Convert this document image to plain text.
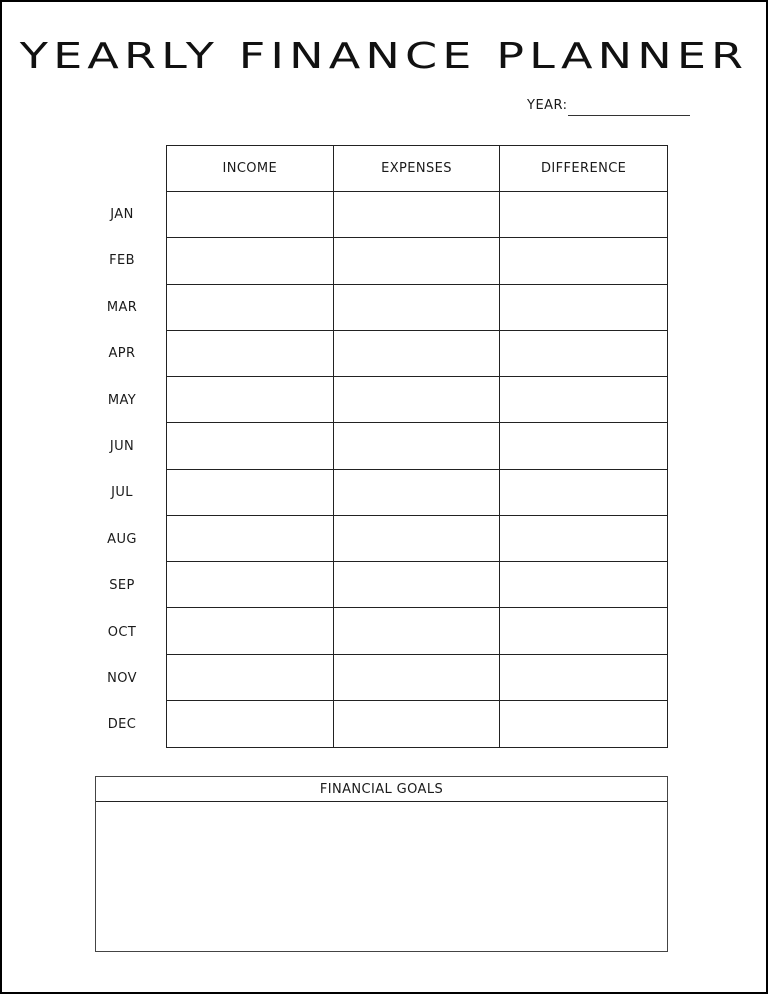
YEARLY FINANCE PLANNER
YEAR:
JAN
FEB
MAR
APR
MAY
JUN
JUL
AUG
SEP
OCT
NOV
DEC
INCOME	EXPENSES	DIFFERENCE
FINANCIAL GOALS
